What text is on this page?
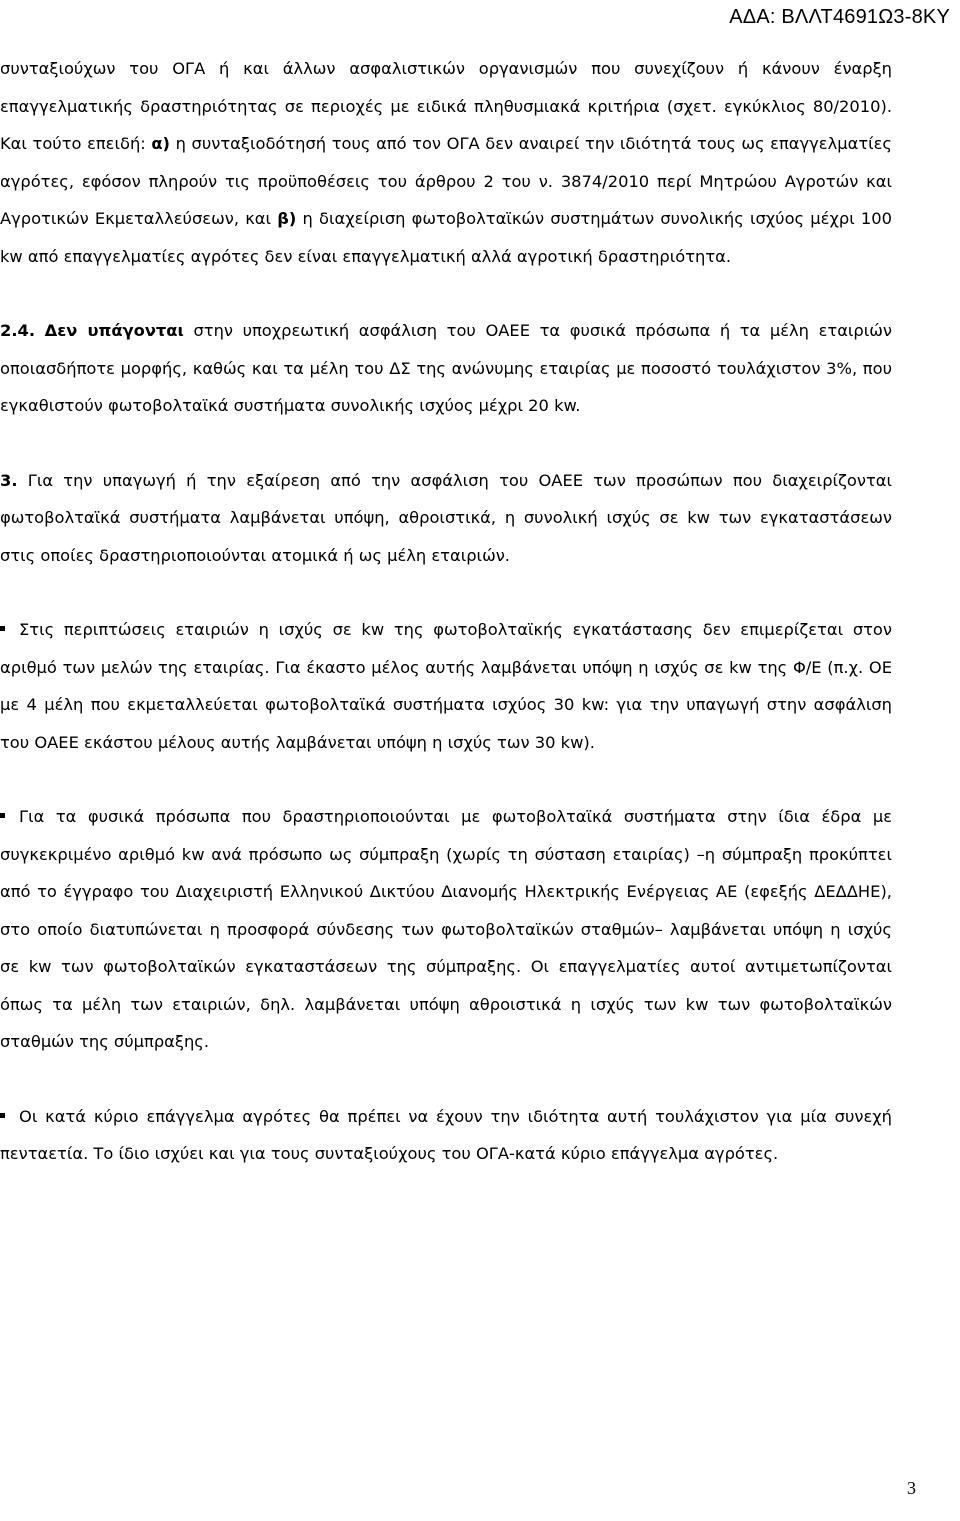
ΑΔΑ: ΒΛΛΤ4691Ω3-8ΚΥ

συνταξιούχων του ΟΓΑ ή και άλλων ασφαλιστικών οργανισμών που συνεχίζουν ή κάνουν έναρξη επαγγελματικής δραστηριότητας σε περιοχές με ειδικά πληθυσμιακά κριτήρια (σχετ. εγκύκλιος 80/2010). Και τούτο επειδή: α) η συνταξιοδότησή τους από τον ΟΓΑ δεν αναιρεί την ιδιότητά τους ως επαγγελματίες αγρότες, εφόσον πληρούν τις προϋποθέσεις του άρθρου 2 του ν. 3874/2010 περί Μητρώου Αγροτών και Αγροτικών Εκμεταλλεύσεων, και β) η διαχείριση φωτοβολταϊκών συστημάτων συνολικής ισχύος μέχρι 100 kw από επαγγελματίες αγρότες δεν είναι επαγγελματική αλλά αγροτική δραστηριότητα.

2.4. Δεν υπάγονται στην υποχρεωτική ασφάλιση του ΟΑΕΕ τα φυσικά πρόσωπα ή τα μέλη εταιριών οποιασδήποτε μορφής, καθώς και τα μέλη του ΔΣ της ανώνυμης εταιρίας με ποσοστό τουλάχιστον 3%, που εγκαθιστούν φωτοβολταϊκά συστήματα συνολικής ισχύος μέχρι 20 kw.

3. Για την υπαγωγή ή την εξαίρεση από την ασφάλιση του ΟΑΕΕ των προσώπων που διαχειρίζονται φωτοβολταϊκά συστήματα λαμβάνεται υπόψη, αθροιστικά, η συνολική ισχύς σε kw των εγκαταστάσεων στις οποίες δραστηριοποιούνται ατομικά ή ως μέλη εταιριών.

Στις περιπτώσεις εταιριών η ισχύς σε kw της φωτοβολταϊκής εγκατάστασης δεν επιμερίζεται στον αριθμό των μελών της εταιρίας. Για έκαστο μέλος αυτής λαμβάνεται υπόψη η ισχύς σε kw της Φ/Ε (π.χ. ΟΕ με 4 μέλη που εκμεταλλεύεται φωτοβολταϊκά συστήματα ισχύος 30 kw: για την υπαγωγή στην ασφάλιση του ΟΑΕΕ εκάστου μέλους αυτής λαμβάνεται υπόψη η ισχύς των 30 kw).

Για τα φυσικά πρόσωπα που δραστηριοποιούνται με φωτοβολταϊκά συστήματα στην ίδια έδρα με συγκεκριμένο αριθμό kw ανά πρόσωπο ως σύμπραξη (χωρίς τη σύσταση εταιρίας) –η σύμπραξη προκύπτει από το έγγραφο του Διαχειριστή Ελληνικού Δικτύου Διανομής Ηλεκτρικής Ενέργειας ΑΕ (εφεξής ΔΕΔΔΗΕ), στο οποίο διατυπώνεται η προσφορά σύνδεσης των φωτοβολταϊκών σταθμών– λαμβάνεται υπόψη η ισχύς σε kw των φωτοβολταϊκών εγκαταστάσεων της σύμπραξης. Οι επαγγελματίες αυτοί αντιμετωπίζονται όπως τα μέλη των εταιριών, δηλ. λαμβάνεται υπόψη αθροιστικά η ισχύς των kw των φωτοβολταϊκών σταθμών της σύμπραξης.

Οι κατά κύριο επάγγελμα αγρότες θα πρέπει να έχουν την ιδιότητα αυτή τουλάχιστον για μία συνεχή πενταετία. Το ίδιο ισχύει και για τους συνταξιούχους του ΟΓΑ-κατά κύριο επάγγελμα αγρότες.

3
